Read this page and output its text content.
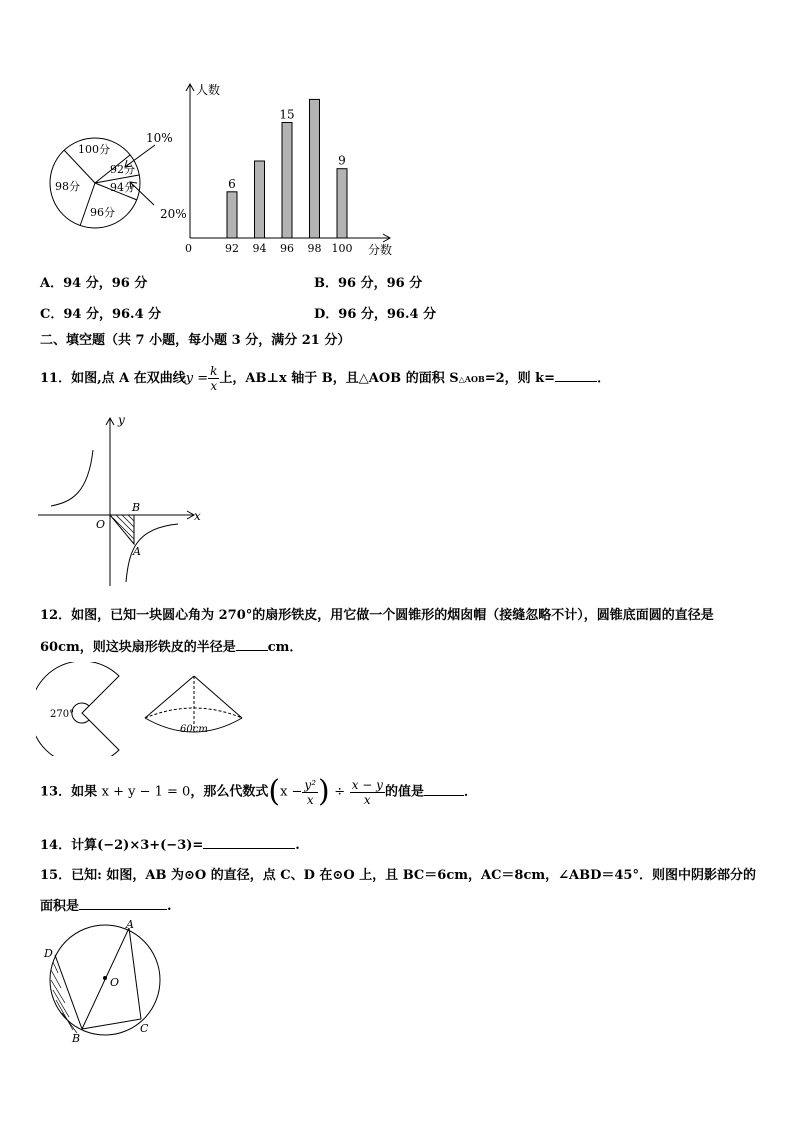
100分
92分
94分
98分
96分
10%
20%
人数
分数
0	92
6
94 96
15
98 100
9
A．94 分，96 分	B．96 分，96 分
C．94 分，96.4 分	D．96 分，96.4 分
二、填空题（共 7 小题，每小题 3 分，满分 21 分）
11．如图,点 A 在双曲线$y = \frac{k}{x}$ 上，AB⊥x 轴于 B，且△AOB 的面积 S△AOB=2，则 k=	．
y
x
O
B
A
12．如图，已知一块圆心角为 270°的扇形铁皮，用它做一个圆锥形的烟囱帽（接缝忽略不计），圆锥底面圆的直径是
60cm，则这块扇形铁皮的半径是 cm．
270°
60cm
13．如果 x + y − 1 = 0，那么代数式($x - \frac{\text{y²}}{x}$ ) ÷ $\frac{x - y}{x}$ 的值是	．
14．计算(−2)×3+(−3)=	.
15．已知: 如图，AB 为⊙O 的直径，点 C、D 在⊙O 上，且 BC＝6cm，AC＝8cm，∠ABD＝45°．则图中阴影部分的
面积是	.
A
D
O
B
C
